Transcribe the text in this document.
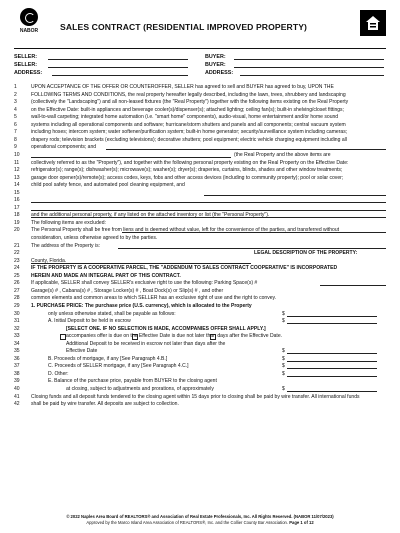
NABOR	SALES CONTRACT (RESIDENTIAL IMPROVED PROPERTY)
SELLER:
SELLER:
ADDRESS:
BUYER:
BUYER:
ADDRESS:
1	UPON ACCEPTANCE OF THE OFFER OR COUNTEROFFER, SELLER has agreed to sell and BUYER has agreed to buy, UPON THE
2	FOLLOWING TERMS AND CONDITIONS, the real property hereafter legally described, including the lawn, trees, shrubbery and landscaping
3	(collectively the "Landscaping") and all non-leased fixtures (the "Real Property") together with the following items existing on the Real Property
4	on the Effective Date: built-in appliances and beverage cooler(s)/dispenser(s); attached lighting; ceiling fan(s); built-in shelving/closet fittings;
5	wall-to-wall carpeting; integrated home automation (i.e. "smart home" components), audio-visual, home entertainment and/or home sound
6	systems including all operational components and software; hurricane/storm shutters and panels and all components; central vacuum system
7	including hoses; intercom system; water softener/purification system; built-in home generator; security/surveillance system including cameras;
8	drapery rods; television brackets (excluding televisions); decorative shutters; pool equipment; electric vehicle charging equipment including all
9	operational components; and
10	(the Real Property and the above items are
11	collectively referred to as the "Property"), and together with the following personal property existing on the Real Property on the Effective Date:
12	refrigerator(s); range(s); dishwasher(s); microwave(s); washer(s); dryer(s); draperies, curtains, blinds, shades and other window treatments;
13	garage door opener(s)/remote(s); access codes, keys, fobs and other access devices (including to community property); pool or solar cover;
14	child pool safety fence, and automated pool cleaning equipment, and
15
16
17
18	and the additional personal property, if any listed on the attached inventory or list (the "Personal Property").
19	The following items are excluded:
20	The Personal Property shall be free from liens and is deemed without value, left for the convenience of the parties, and transferred without
consideration, unless otherwise agreed to by the parties.
21	The address of the Property is:
22	LEGAL DESCRIPTION OF THE PROPERTY:
23	County, Florida.
24	IF THE PROPERTY IS A COOPERATIVE PARCEL, THE "ADDENDUM TO SALES CONTRACT COOPERATIVE" IS INCORPORATED
25	HEREIN AND MADE AN INTEGRAL PART OF THIS CONTRACT.
26	If applicable, SELLER shall convey SELLER's exclusive right to use the following: Parking Space(s) #
27	Garage(s) # , Cabana(s) # , Storage Locker(s) # , Boat Dock(s) or Slip(s) # , and other
28	common elements and common areas to which SELLER has an exclusive right of use and the right to convey.
29	1. PURCHASE PRICE: The purchase price (U.S. currency), which is allocated to the Property
30	only unless otherwise stated, shall be payable as follows:	$
31	A. Initial Deposit to be held in escrow	$
32	[SELECT ONE. IF NO SELECTION IS MADE, ACCOMPANIES OFFER SHALL APPLY.]
33	accompanies offer is due on the Effective Date is due not later than days after the Effective Date.
34	Additional Deposit to be received in escrow not later than days after the
35	Effective Date	$
36	B. Proceeds of mortgage, if any [See Paragraph 4.B.]	$
37	C. Proceeds of SELLER mortgage, if any [See Paragraph 4.C.]	$
38	D. Other:	$
39	E. Balance of the purchase price, payable from BUYER to the closing agent
40	at closing, subject to adjustments and prorations, of approximately	$
41	Closing funds and all deposit funds tendered to the closing agent within 15 days prior to closing shall be paid by wire transfer. All international funds
42	shall be paid by wire transfer. All deposits are subject to collection.
© 2022 Naples Area Board of REALTORS® and Association of Real Estate Professionals, Inc. All Rights Reserved. (NABOR 11/07/2023)
Approved by the Marco Island Area Association of REALTORS®, Inc. and the Collier County Bar Association. Page 1 of 12
